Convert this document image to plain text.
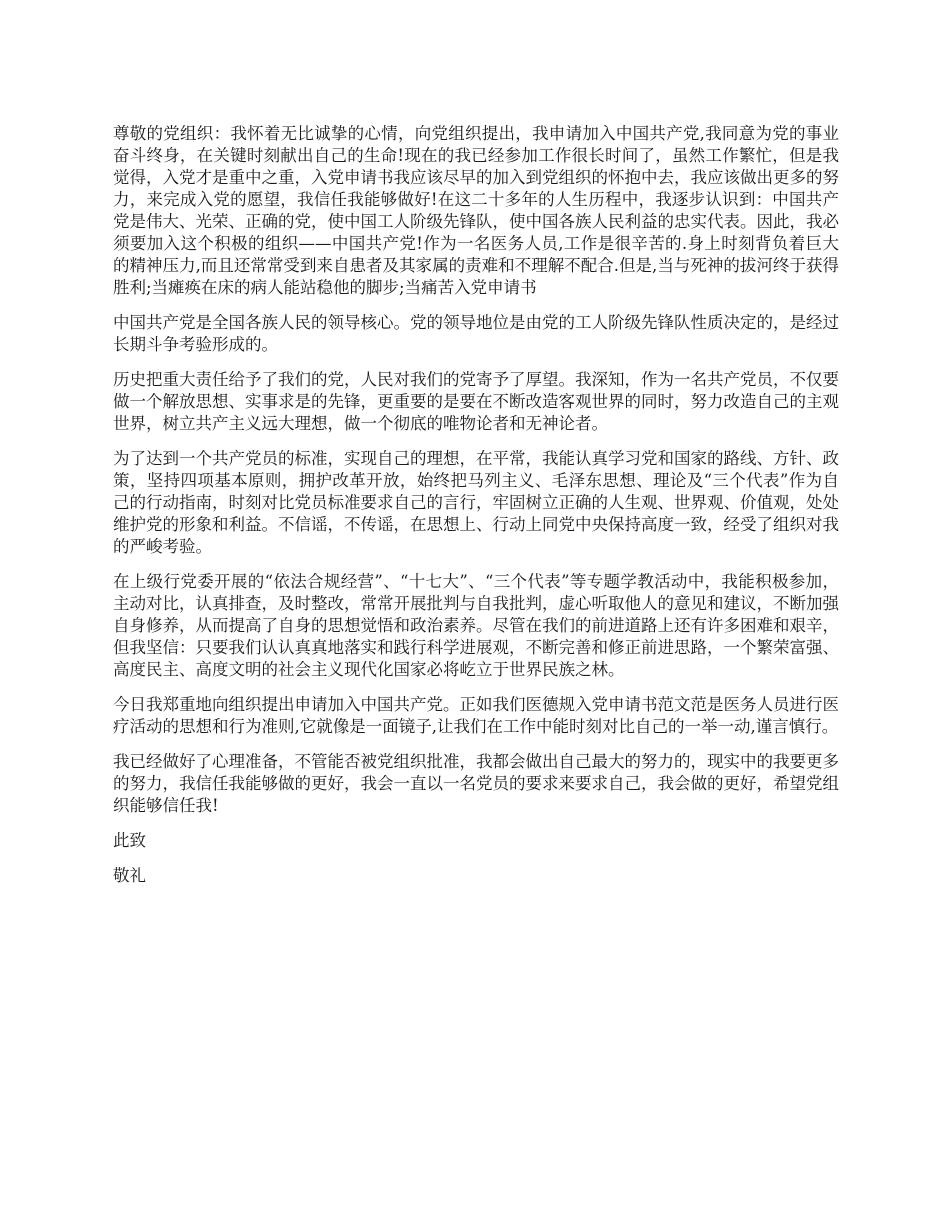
尊敬的党组织：我怀着无比诚挚的心情，向党组织提出，我申请加入中国共产党,我同意为党的事业奋斗终身，在关键时刻献出自己的生命!现在的我已经参加工作很长时间了，虽然工作繁忙，但是我觉得，入党才是重中之重，入党申请书我应该尽早的加入到党组织的怀抱中去，我应该做出更多的努力，来完成入党的愿望，我信任我能够做好!在这二十多年的人生历程中，我逐步认识到：中国共产党是伟大、光荣、正确的党，使中国工人阶级先锋队，使中国各族人民利益的忠实代表。因此，我必须要加入这个积极的组织——中国共产党!作为一名医务人员,工作是很辛苦的.身上时刻背负着巨大的精神压力,而且还常常受到来自患者及其家属的责难和不理解不配合.但是,当与死神的拔河终于获得胜利;当瘫痪在床的病人能站稳他的脚步;当痛苦入党申请书

中国共产党是全国各族人民的领导核心。党的领导地位是由党的工人阶级先锋队性质决定的，是经过长期斗争考验形成的。

历史把重大责任给予了我们的党，人民对我们的党寄予了厚望。我深知，作为一名共产党员，不仅要做一个解放思想、实事求是的先锋，更重要的是要在不断改造客观世界的同时，努力改造自己的主观世界，树立共产主义远大理想，做一个彻底的唯物论者和无神论者。

为了达到一个共产党员的标准，实现自己的理想，在平常，我能认真学习党和国家的路线、方针、政策，坚持四项基本原则，拥护改革开放，始终把马列主义、毛泽东思想、理论及“三个代表”作为自己的行动指南，时刻对比党员标准要求自己的言行，牢固树立正确的人生观、世界观、价值观，处处维护党的形象和利益。不信谣，不传谣，在思想上、行动上同党中央保持高度一致，经受了组织对我的严峻考验。

在上级行党委开展的“依法合规经营”、“十七大”、“三个代表”等专题学教活动中，我能积极参加，主动对比，认真排查，及时整改，常常开展批判与自我批判，虚心听取他人的意见和建议，不断加强自身修养，从而提高了自身的思想觉悟和政治素养。尽管在我们的前进道路上还有许多困难和艰辛，但我坚信：只要我们认认真真地落实和践行科学进展观，不断完善和修正前进思路，一个繁荣富强、高度民主、高度文明的社会主义现代化国家必将屹立于世界民族之林。

今日我郑重地向组织提出申请加入中国共产党。正如我们医德规入党申请书范文范是医务人员进行医疗活动的思想和行为准则,它就像是一面镜子,让我们在工作中能时刻对比自己的一举一动,谨言慎行。

我已经做好了心理准备，不管能否被党组织批准，我都会做出自己最大的努力的，现实中的我要更多的努力，我信任我能够做的更好，我会一直以一名党员的要求来要求自己，我会做的更好，希望党组织能够信任我!

此致

敬礼
